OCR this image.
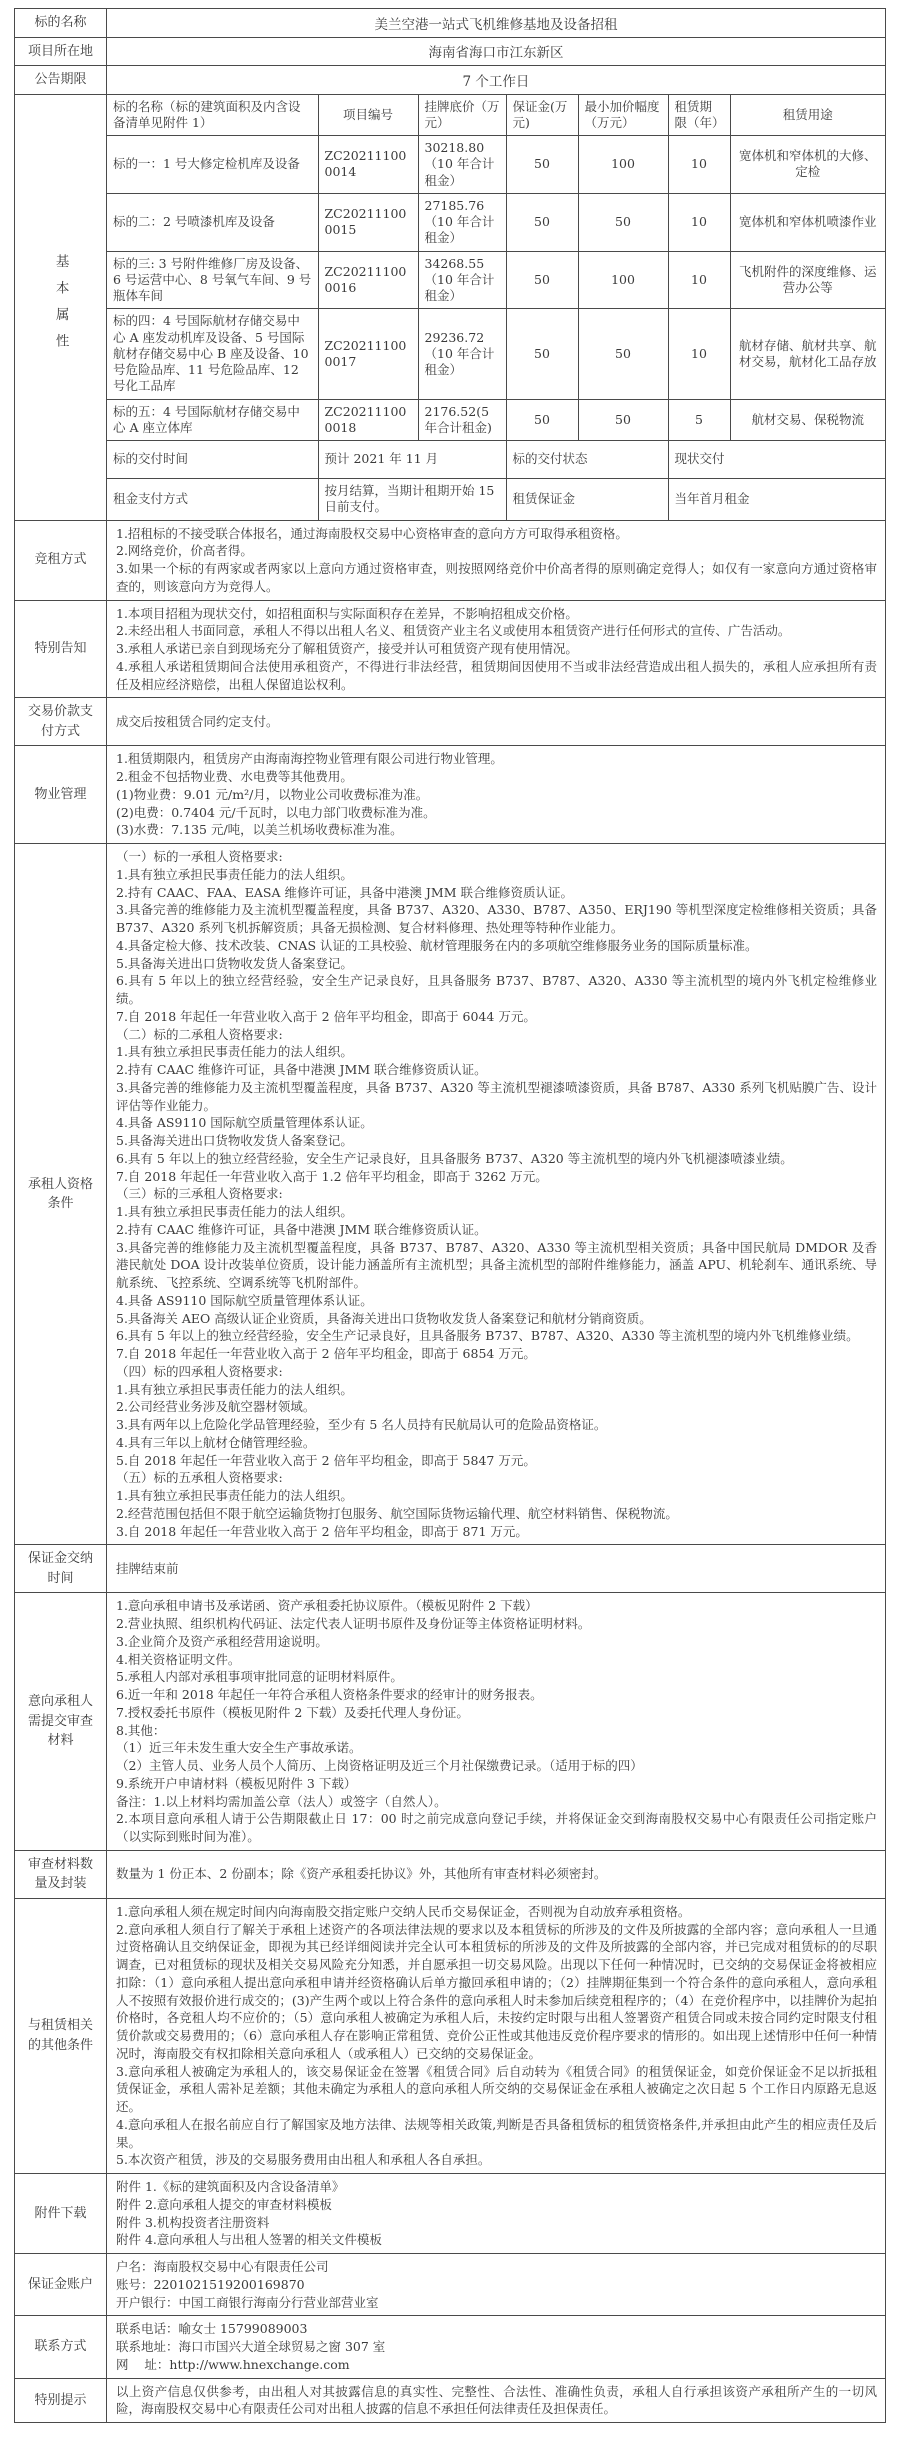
标的名称	美兰空港一站式飞机维修基地及设备招租
项目所在地	海南省海口市江东新区
公告期限	7 个工作日
基本属性
标的名称（标的建筑面积及内含设备清单见附件 1）	项目编号	挂牌底价（万元）	保证金(万元)	最小加价幅度（万元）	租赁期限（年）	租赁用途
标的一：1 号大修定检机库及设备	ZC202111000014	30218.80（10 年合计租金）	50	100	10	宽体机和窄体机的大修、定检
标的二：2 号喷漆机库及设备	ZC202111000015	27185.76（10 年合计租金）	50	50	10	宽体机和窄体机喷漆作业
标的三: 3 号附件维修厂房及设备、6 号运营中心、8 号氧气车间、9 号瓶体车间	ZC202111000016	34268.55（10 年合计租金）	50	100	10	飞机附件的深度维修、运营办公等
标的四：4 号国际航材存储交易中心 A 座发动机库及设备、5 号国际航材存储交易中心 B 座及设备、10 号危险品库、11 号危险品库、12 号化工品库	ZC202111000017	29236.72（10 年合计租金）	50	50	10	航材存储、航材共享、航材交易，航材化工品存放
标的五：4 号国际航材存储交易中心 A 座立体库	ZC202111000018	2176.52(5 年合计租金)	50	50	5	航材交易、保税物流
标的交付时间	预计 2021 年 11 月		标的交付状态		现状交付	
租金支付方式	按月结算，当期计租期开始 15 日前支付。		租赁保证金		当年首月租金	
竞租方式
1.招租标的不接受联合体报名，通过海南股权交易中心资格审查的意向方方可取得承租资格。
2.网络竞价，价高者得。
3.如果一个标的有两家或者两家以上意向方通过资格审查，则按照网络竞价中价高者得的原则确定竞得人；如仅有一家意向方通过资格审查的，则该意向方为竞得人。
特别告知
1.本项目招租为现状交付，如招租面积与实际面积存在差异，不影响招租成交价格。
2.未经出租人书面同意，承租人不得以出租人名义、租赁资产业主名义或使用本租赁资产进行任何形式的宣传、广告活动。
3.承租人承诺已亲自到现场充分了解租赁资产，接受并认可租赁资产现有使用情况。
4.承租人承诺租赁期间合法使用承租资产，不得进行非法经营，租赁期间因使用不当或非法经营造成出租人损失的，承租人应承担所有责任及相应经济赔偿，出租人保留追讼权利。
交易价款支付方式
成交后按租赁合同约定支付。
物业管理
1.租赁期限内，租赁房产由海南海控物业管理有限公司进行物业管理。
2.租金不包括物业费、水电费等其他费用。
(1)物业费：9.01 元/m²/月，以物业公司收费标准为准。
(2)电费：0.7404 元/千瓦时，以电力部门收费标准为准。
(3)水费：7.135 元/吨，以美兰机场收费标准为准。
承租人资格条件
（一）标的一承租人资格要求:
1.具有独立承担民事责任能力的法人组织。
2.持有 CAAC、FAA、EASA 维修许可证，具备中港澳 JMM 联合维修资质认证。
3.具备完善的维修能力及主流机型覆盖程度，具备 B737、A320、A330、B787、A350、ERJ190 等机型深度定检维修相关资质；具备 B737、A320 系列飞机拆解资质；具备无损检测、复合材料修理、热处理等特种作业能力。
4.具备定检大修、技术改装、CNAS 认证的工具校验、航材管理服务在内的多项航空维修服务业务的国际质量标准。
5.具备海关进出口货物收发货人备案登记。
6.具有 5 年以上的独立经营经验，安全生产记录良好，且具备服务 B737、B787、A320、A330 等主流机型的境内外飞机定检维修业绩。
7.自 2018 年起任一年营业收入高于 2 倍年平均租金，即高于 6044 万元。
（二）标的二承租人资格要求:
1.具有独立承担民事责任能力的法人组织。
2.持有 CAAC 维修许可证，具备中港澳 JMM 联合维修资质认证。
3.具备完善的维修能力及主流机型覆盖程度，具备 B737、A320 等主流机型褪漆喷漆资质，具备 B787、A330 系列飞机贴膜广告、设计评估等作业能力。
4.具备 AS9110 国际航空质量管理体系认证。
5.具备海关进出口货物收发货人备案登记。
6.具有 5 年以上的独立经营经验，安全生产记录良好，且具备服务 B737、A320 等主流机型的境内外飞机褪漆喷漆业绩。
7.自 2018 年起任一年营业收入高于 1.2 倍年平均租金，即高于 3262 万元。
（三）标的三承租人资格要求:
1.具有独立承担民事责任能力的法人组织。
2.持有 CAAC 维修许可证，具备中港澳 JMM 联合维修资质认证。
3.具备完善的维修能力及主流机型覆盖程度，具备 B737、B787、A320、A330 等主流机型相关资质；具备中国民航局 DMDOR 及香港民航处 DOA 设计改装单位资质，设计能力涵盖所有主流机型；具备主流机型的部附件维修能力，涵盖 APU、机轮刹车、通讯系统、导航系统、飞控系统、空调系统等飞机附部件。
4.具备 AS9110 国际航空质量管理体系认证。
5.具备海关 AEO 高级认证企业资质，具备海关进出口货物收发货人备案登记和航材分销商资质。
6.具有 5 年以上的独立经营经验，安全生产记录良好，且具备服务 B737、B787、A320、A330 等主流机型的境内外飞机维修业绩。
7.自 2018 年起任一年营业收入高于 2 倍年平均租金，即高于 6854 万元。
（四）标的四承租人资格要求:
1.具有独立承担民事责任能力的法人组织。
2.公司经营业务涉及航空器材领域。
3.具有两年以上危险化学品管理经验，至少有 5 名人员持有民航局认可的危险品资格证。
4.具有三年以上航材仓储管理经验。
5.自 2018 年起任一年营业收入高于 2 倍年平均租金，即高于 5847 万元。
（五）标的五承租人资格要求:
1.具有独立承担民事责任能力的法人组织。
2.经营范围包括但不限于航空运输货物打包服务、航空国际货物运输代理、航空材料销售、保税物流。
3.自 2018 年起任一年营业收入高于 2 倍年平均租金，即高于 871 万元。
保证金交纳时间
挂牌结束前
意向承租人需提交审查材料
1.意向承租申请书及承诺函、资产承租委托协议原件。（模板见附件 2 下载）
2.营业执照、组织机构代码证、法定代表人证明书原件及身份证等主体资格证明材料。
3.企业简介及资产承租经营用途说明。
4.相关资格证明文件。
5.承租人内部对承租事项审批同意的证明材料原件。
6.近一年和 2018 年起任一年符合承租人资格条件要求的经审计的财务报表。
7.授权委托书原件（模板见附件 2 下载）及委托代理人身份证。
8.其他：
（1）近三年未发生重大安全生产事故承诺。
（2）主管人员、业务人员个人简历、上岗资格证明及近三个月社保缴费记录。（适用于标的四）
9.系统开户申请材料（模板见附件 3 下载）
备注：1.以上材料均需加盖公章（法人）或签字（自然人）。
2.本项目意向承租人请于公告期限截止日 17：00 时之前完成意向登记手续，并将保证金交到海南股权交易中心有限责任公司指定账户（以实际到账时间为准）。
审查材料数量及封装
数量为 1 份正本、2 份副本；除《资产承租委托协议》外，其他所有审查材料必须密封。
与租赁相关的其他条件
1.意向承租人须在规定时间内向海南股交指定账户交纳人民币交易保证金，否则视为自动放弃承租资格。
2.意向承租人须自行了解关于承租上述资产的各项法律法规的要求以及本租赁标的所涉及的文件及所披露的全部内容；意向承租人一旦通过资格确认且交纳保证金，即视为其已经详细阅读并完全认可本租赁标的所涉及的文件及所披露的全部内容，并已完成对租赁标的的尽职调查，已对租赁标的现状及相关交易风险充分知悉，并自愿承担一切交易风险。出现以下任何一种情况时，已交纳的交易保证金将被相应扣除：（1）意向承租人提出意向承租申请并经资格确认后单方撤回承租申请的；（2）挂牌期征集到一个符合条件的意向承租人，意向承租人不按照有效报价进行成交的；(3)产生两个或以上符合条件的意向承租人时未参加后续竞租程序的；（4）在竞价程序中，以挂牌价为起拍价格时，各竞租人均不应价的；（5）意向承租人被确定为承租人后，未按约定时限与出租人签署资产租赁合同或未按合同约定时限支付租赁价款或交易费用的；（6）意向承租人存在影响正常租赁、竞价公正性或其他违反竞价程序要求的情形的。如出现上述情形中任何一种情况时，海南股交有权扣除相关意向承租人（或承租人）已交纳的交易保证金。
3.意向承租人被确定为承租人的，该交易保证金在签署《租赁合同》后自动转为《租赁合同》的租赁保证金，如竞价保证金不足以折抵租赁保证金，承租人需补足差额；其他未确定为承租人的意向承租人所交纳的交易保证金在承租人被确定之次日起 5 个工作日内原路无息返还。
4.意向承租人在报名前应自行了解国家及地方法律、法规等相关政策,判断是否具备租赁标的租赁资格条件,并承担由此产生的相应责任及后果。
5.本次资产租赁，涉及的交易服务费用由出租人和承租人各自承担。
附件下载
附件 1.《标的建筑面积及内含设备清单》
附件 2.意向承租人提交的审查材料模板
附件 3.机构投资者注册资料
附件 4.意向承租人与出租人签署的相关文件模板
保证金账户
户名：海南股权交易中心有限责任公司
账号：2201021519200169870
开户银行：中国工商银行海南分行营业部营业室
联系方式
联系电话：喻女士 15799089003
联系地址：海口市国兴大道全球贸易之窗 307 室
网    址：http://www.hnexchange.com
特别提示
以上资产信息仅供参考，由出租人对其披露信息的真实性、完整性、合法性、准确性负责，承租人自行承担该资产承租所产生的一切风险，海南股权交易中心有限责任公司对出租人披露的信息不承担任何法律责任及担保责任。
